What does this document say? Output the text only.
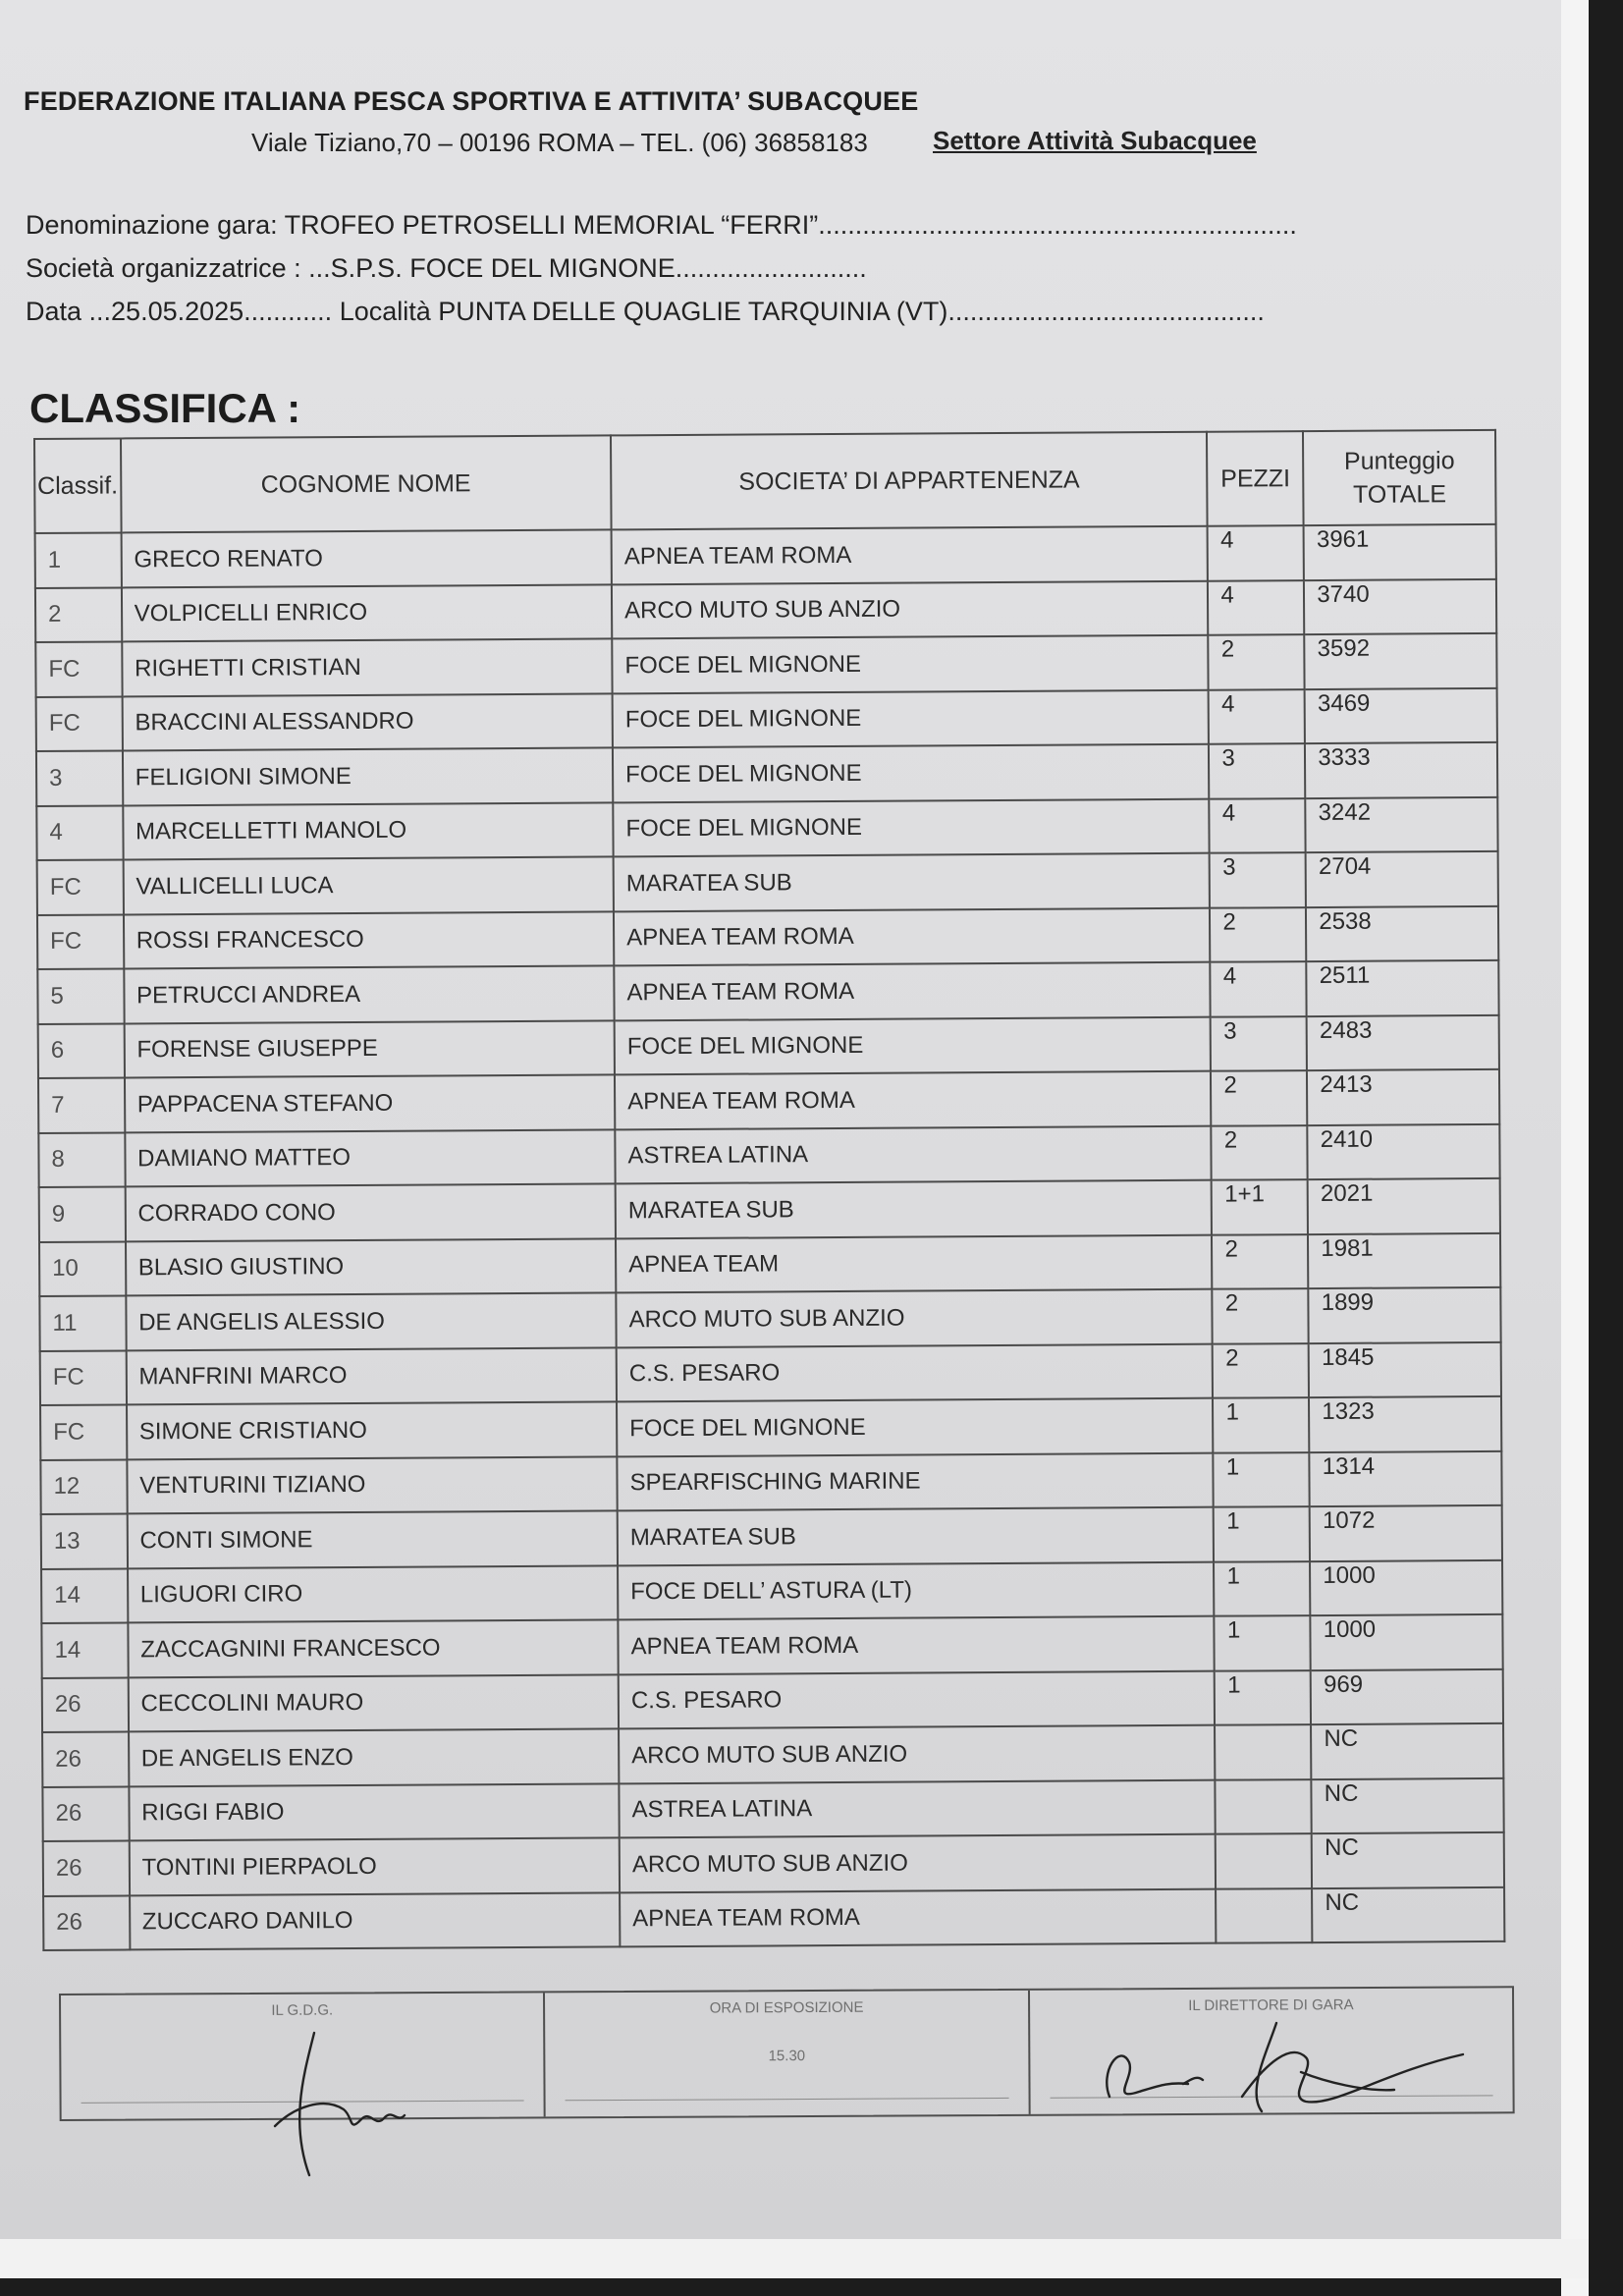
FEDERAZIONE ITALIANA PESCA SPORTIVA E ATTIVITA’ SUBACQUEE
Viale Tiziano,70 – 00196 ROMA – TEL. (06) 36858183	Settore Attività Subacquee
Denominazione gara: TROFEO PETROSELLI MEMORIAL “FERRI”.................................................................
Società organizzatrice : ...S.P.S. FOCE DEL MIGNONE..........................
Data ...25.05.2025............ Località PUNTA DELLE QUAGLIE TARQUINIA (VT)...........................................
CLASSIFICA :
Classif.	COGNOME NOME	SOCIETA’ DI APPARTENENZA	PEZZI	Punteggio
TOTALE
1	GRECO RENATO	APNEA TEAM ROMA	4	3961
2	VOLPICELLI ENRICO	ARCO MUTO SUB ANZIO	4	3740
FC	RIGHETTI CRISTIAN	FOCE DEL MIGNONE	2	3592
FC	BRACCINI ALESSANDRO	FOCE DEL MIGNONE	4	3469
3	FELIGIONI SIMONE	FOCE DEL MIGNONE	3	3333
4	MARCELLETTI MANOLO	FOCE DEL MIGNONE	4	3242
FC	VALLICELLI LUCA	MARATEA SUB	3	2704
FC	ROSSI FRANCESCO	APNEA TEAM ROMA	2	2538
5	PETRUCCI ANDREA	APNEA TEAM ROMA	4	2511
6	FORENSE GIUSEPPE	FOCE DEL MIGNONE	3	2483
7	PAPPACENA STEFANO	APNEA TEAM ROMA	2	2413
8	DAMIANO MATTEO	ASTREA LATINA	2	2410
9	CORRADO CONO	MARATEA SUB	1+1	2021
10	BLASIO GIUSTINO	APNEA TEAM	2	1981
11	DE ANGELIS ALESSIO	ARCO MUTO SUB ANZIO	2	1899
FC	MANFRINI MARCO	C.S. PESARO	2	1845
FC	SIMONE CRISTIANO	FOCE DEL MIGNONE	1	1323
12	VENTURINI TIZIANO	SPEARFISCHING MARINE	1	1314
13	CONTI SIMONE	MARATEA SUB	1	1072
14	LIGUORI CIRO	FOCE DELL’ ASTURA (LT)	1	1000
14	ZACCAGNINI FRANCESCO	APNEA TEAM ROMA	1	1000
26	CECCOLINI MAURO	C.S. PESARO	1	969
26	DE ANGELIS ENZO	ARCO MUTO SUB ANZIO		NC
26	RIGGI FABIO	ASTREA LATINA		NC
26	TONTINI PIERPAOLO	ARCO MUTO SUB ANZIO		NC
26	ZUCCARO DANILO	APNEA TEAM ROMA		NC
IL G.D.G.	ORA DI ESPOSIZIONE
15.30
IL DIRETTORE DI GARA
